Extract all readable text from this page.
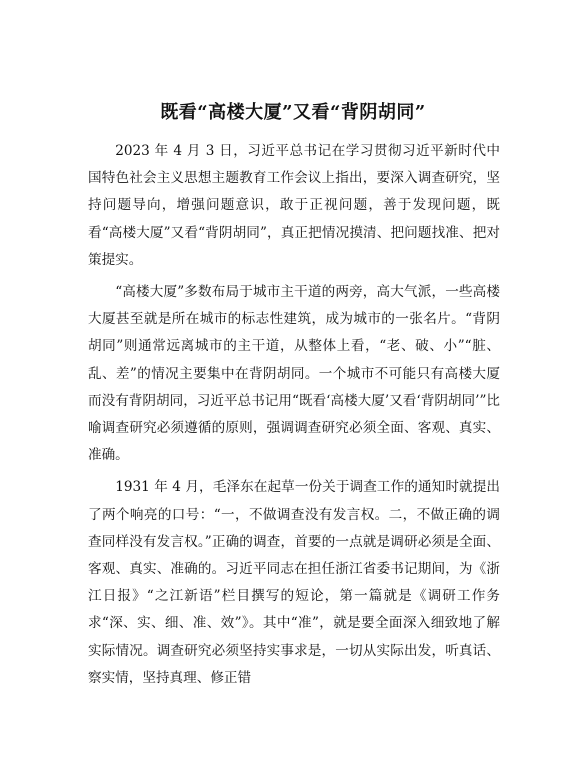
既看“高楼大厦”又看“背阴胡同”

2023 年 4 月 3 日，习近平总书记在学习贯彻习近平新时代中国特色社会主义思想主题教育工作会议上指出，要深入调查研究，坚持问题导向，增强问题意识，敢于正视问题，善于发现问题，既看“高楼大厦”又看“背阴胡同”，真正把情况摸清、把问题找准、把对策提实。

“高楼大厦”多数布局于城市主干道的两旁，高大气派，一些高楼大厦甚至就是所在城市的标志性建筑，成为城市的一张名片。“背阴胡同”则通常远离城市的主干道，从整体上看，“老、破、小”“脏、乱、差”的情况主要集中在背阴胡同。一个城市不可能只有高楼大厦而没有背阴胡同，习近平总书记用“既看‘高楼大厦’又看‘背阴胡同’”比喻调查研究必须遵循的原则，强调调查研究必须全面、客观、真实、准确。

1931 年 4 月，毛泽东在起草一份关于调查工作的通知时就提出了两个响亮的口号：“一，不做调查没有发言权。二，不做正确的调查同样没有发言权。”正确的调查，首要的一点就是调研必须是全面、客观、真实、准确的。习近平同志在担任浙江省委书记期间，为《浙江日报》“之江新语”栏目撰写的短论，第一篇就是《调研工作务求“深、实、细、准、效”》。其中“准”，就是要全面深入细致地了解实际情况。调查研究必须坚持实事求是，一切从实际出发，听真话、察实情，坚持真理、修正错
